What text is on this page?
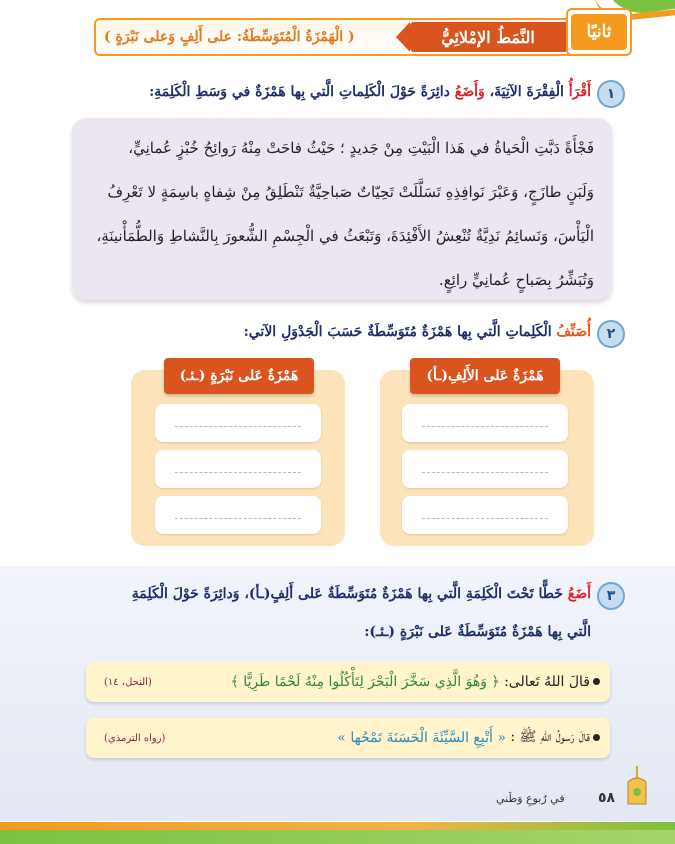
ثانيًا
النَّمَطُ الإمْلائِيُّ
( الْهَمْزَةُ الْمُتَوَسِّطَةُ: على أَلِفٍ وَعلى نَبْرَةٍ )
١
أَقْرَأُ الْفِقْرَةَ الآتِيَةَ، وَأَضَعُ دائِرَةً حَوْلَ الْكَلِماتِ الَّتي بِها هَمْزَةٌ في وَسَطِ الْكَلِمَةِ:
فَجْأَةً دَبَّتِ الْحَياةُ في هَذا الْبَيْتِ مِنْ جَديدٍ ؛ حَيْثُ فاحَتْ مِنْهُ رَوائِحُ خُبْزٍ عُمانِيٍّ،
وَلَبَنٍ طازَجٍ، وَعَبْرَ نَوافِذِهِ تَسَلَّلَتْ تَحِيّاتٌ صَباحِيَّةٌ تَنْطَلِقُ مِنْ شِفاهٍ باسِمَةٍ لا تَعْرِفُ
الْيَأْسَ، وَنَسائِمُ نَدِيَّةٌ تُنْعِشُ الأَفْئِدَةَ، وَتَبْعَثُ في الْجِسْمِ الشُّعورَ بِالنَّشاطِ وَالطُّمَأْنينَةِ،
وَتُبَشِّرُ بِصَباحٍ عُمانِيٍّ رائِعٍ.
٢
أُصَنِّفُ الْكَلِماتِ الَّتي بِها هَمْزَةٌ مُتَوَسِّطَةٌ حَسَبَ الْجَدْوَلِ الآتي:
هَمْزَةٌ عَلى الأَلِفِ(ـأ)
هَمْزَةٌ عَلى نَبْرَةٍ (ـئـ)
٣
أَضَعُ خَطًّا تَحْتَ الْكَلِمَةِ الَّتي بِها هَمْزَةٌ مُتَوَسِّطَةٌ عَلى أَلِفٍ(ـأ)، وَدائِرَةً حَوْلَ الْكَلِمَةِ
الَّتي بِها هَمْزَةٌ مُتَوَسِّطَةٌ عَلى نَبْرَةٍ (ـئـ):
قالَ اللهُ تَعالى:

﴿ وَهُوَ الَّذِي سَخَّرَ الْبَحْرَ لِتَأْكُلُوا مِنْهُ لَحْمًا طَرِيًّا ﴾
(النحل، ١٤)
قالَ رَسولُ اللهِ ﷺ :

« أَتْبِعِ السَّيِّئَةَ الْحَسَنَةَ تَمْحُها »
(رواه الترمذي)
٥٨
في رُبوعِ وَطَني
